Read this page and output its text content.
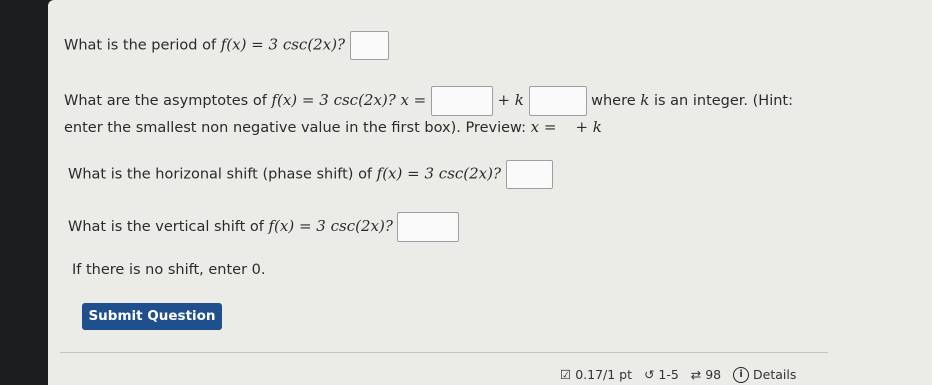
What is the period of f(x) = 3 csc(2x)?
What are the asymptotes of f(x) = 3 csc(2x)? x =	+ k	where k is an integer. (Hint:
enter the smallest non negative value in the first box). Preview: x =    + k
What is the horizonal shift (phase shift) of f(x) = 3 csc(2x)?
What is the vertical shift of f(x) = 3 csc(2x)?
If there is no shift, enter 0.
Submit Question
☑ 0.17/1 pt ↺ 1-5 ⇄ 98 i Details
